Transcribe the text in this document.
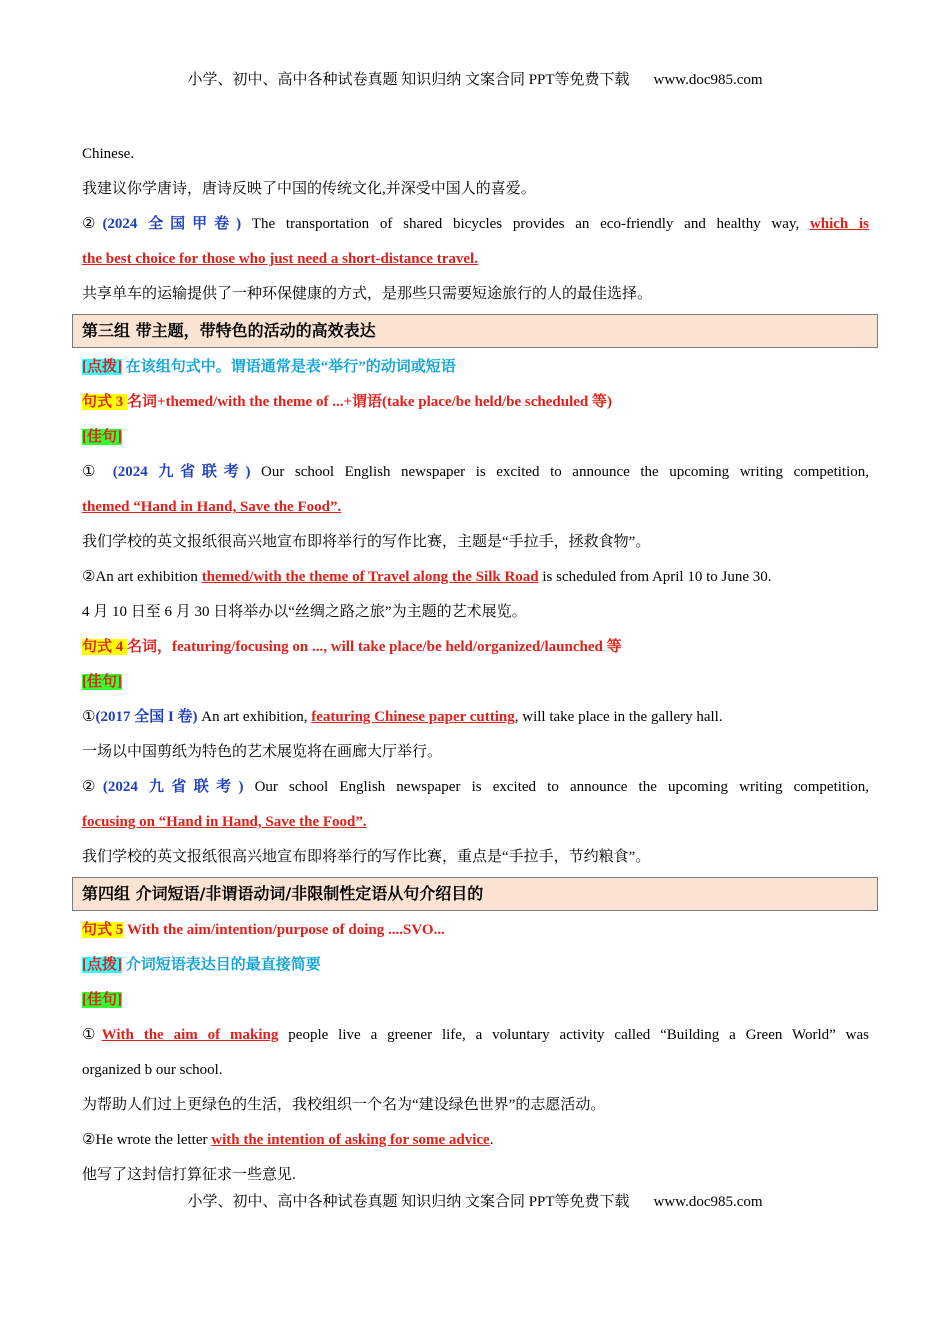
小学、初中、高中各种试卷真题 知识归纳 文案合同 PPT等免费下载 www.doc985.com

Chinese.

我建议你学唐诗，唐诗反映了中国的传统文化,并深受中国人的喜爱。

②(2024 全国甲卷) The transportation of shared bicycles provides an eco-friendly and healthy way, which is

the best choice for those who just need a short-distance travel.

共享单车的运输提供了一种环保健康的方式，是那些只需要短途旅行的人的最佳选择。

第三组 带主题，带特色的活动的高效表达

[点拨] 在该组句式中。谓语通常是表“举行”的动词或短语

句式 3 名词+themed/with the theme of ...+谓语(take place/be held/be scheduled 等)

[佳句]

① (2024 九省联考) Our school English newspaper is excited to announce the upcoming writing competition,

themed “Hand in Hand, Save the Food”.

我们学校的英文报纸很高兴地宣布即将举行的写作比赛，主题是“手拉手，拯救食物”。

②An art exhibition themed/with the theme of Travel along the Silk Road is scheduled from April 10 to June 30.

4 月 10 日至 6 月 30 日将举办以“丝绸之路之旅”为主题的艺术展览。

句式 4 名词，featuring/focusing on ..., will take place/be held/organized/launched 等

[佳句]

①(2017 全国 I 卷) An art exhibition, featuring Chinese paper cutting, will take place in the gallery hall.

一场以中国剪纸为特色的艺术展览将在画廊大厅举行。

②(2024 九省联考) Our school English newspaper is excited to announce the upcoming writing competition,

focusing on “Hand in Hand, Save the Food”.

我们学校的英文报纸很高兴地宣布即将举行的写作比赛，重点是“手拉手，节约粮食”。

第四组 介词短语/非谓语动词/非限制性定语从句介绍目的

句式 5 With the aim/intention/purpose of doing ....SVO...

[点拨] 介词短语表达目的最直接简要

[佳句]

①With the aim of making people live a greener life, a voluntary activity called “Building a Green World” was

organized b our school.

为帮助人们过上更绿色的生活，我校组织一个名为“建设绿色世界”的志愿活动。

②He wrote the letter with the intention of asking for some advice.

他写了这封信打算征求一些意见.

小学、初中、高中各种试卷真题 知识归纳 文案合同 PPT等免费下载 www.doc985.com
